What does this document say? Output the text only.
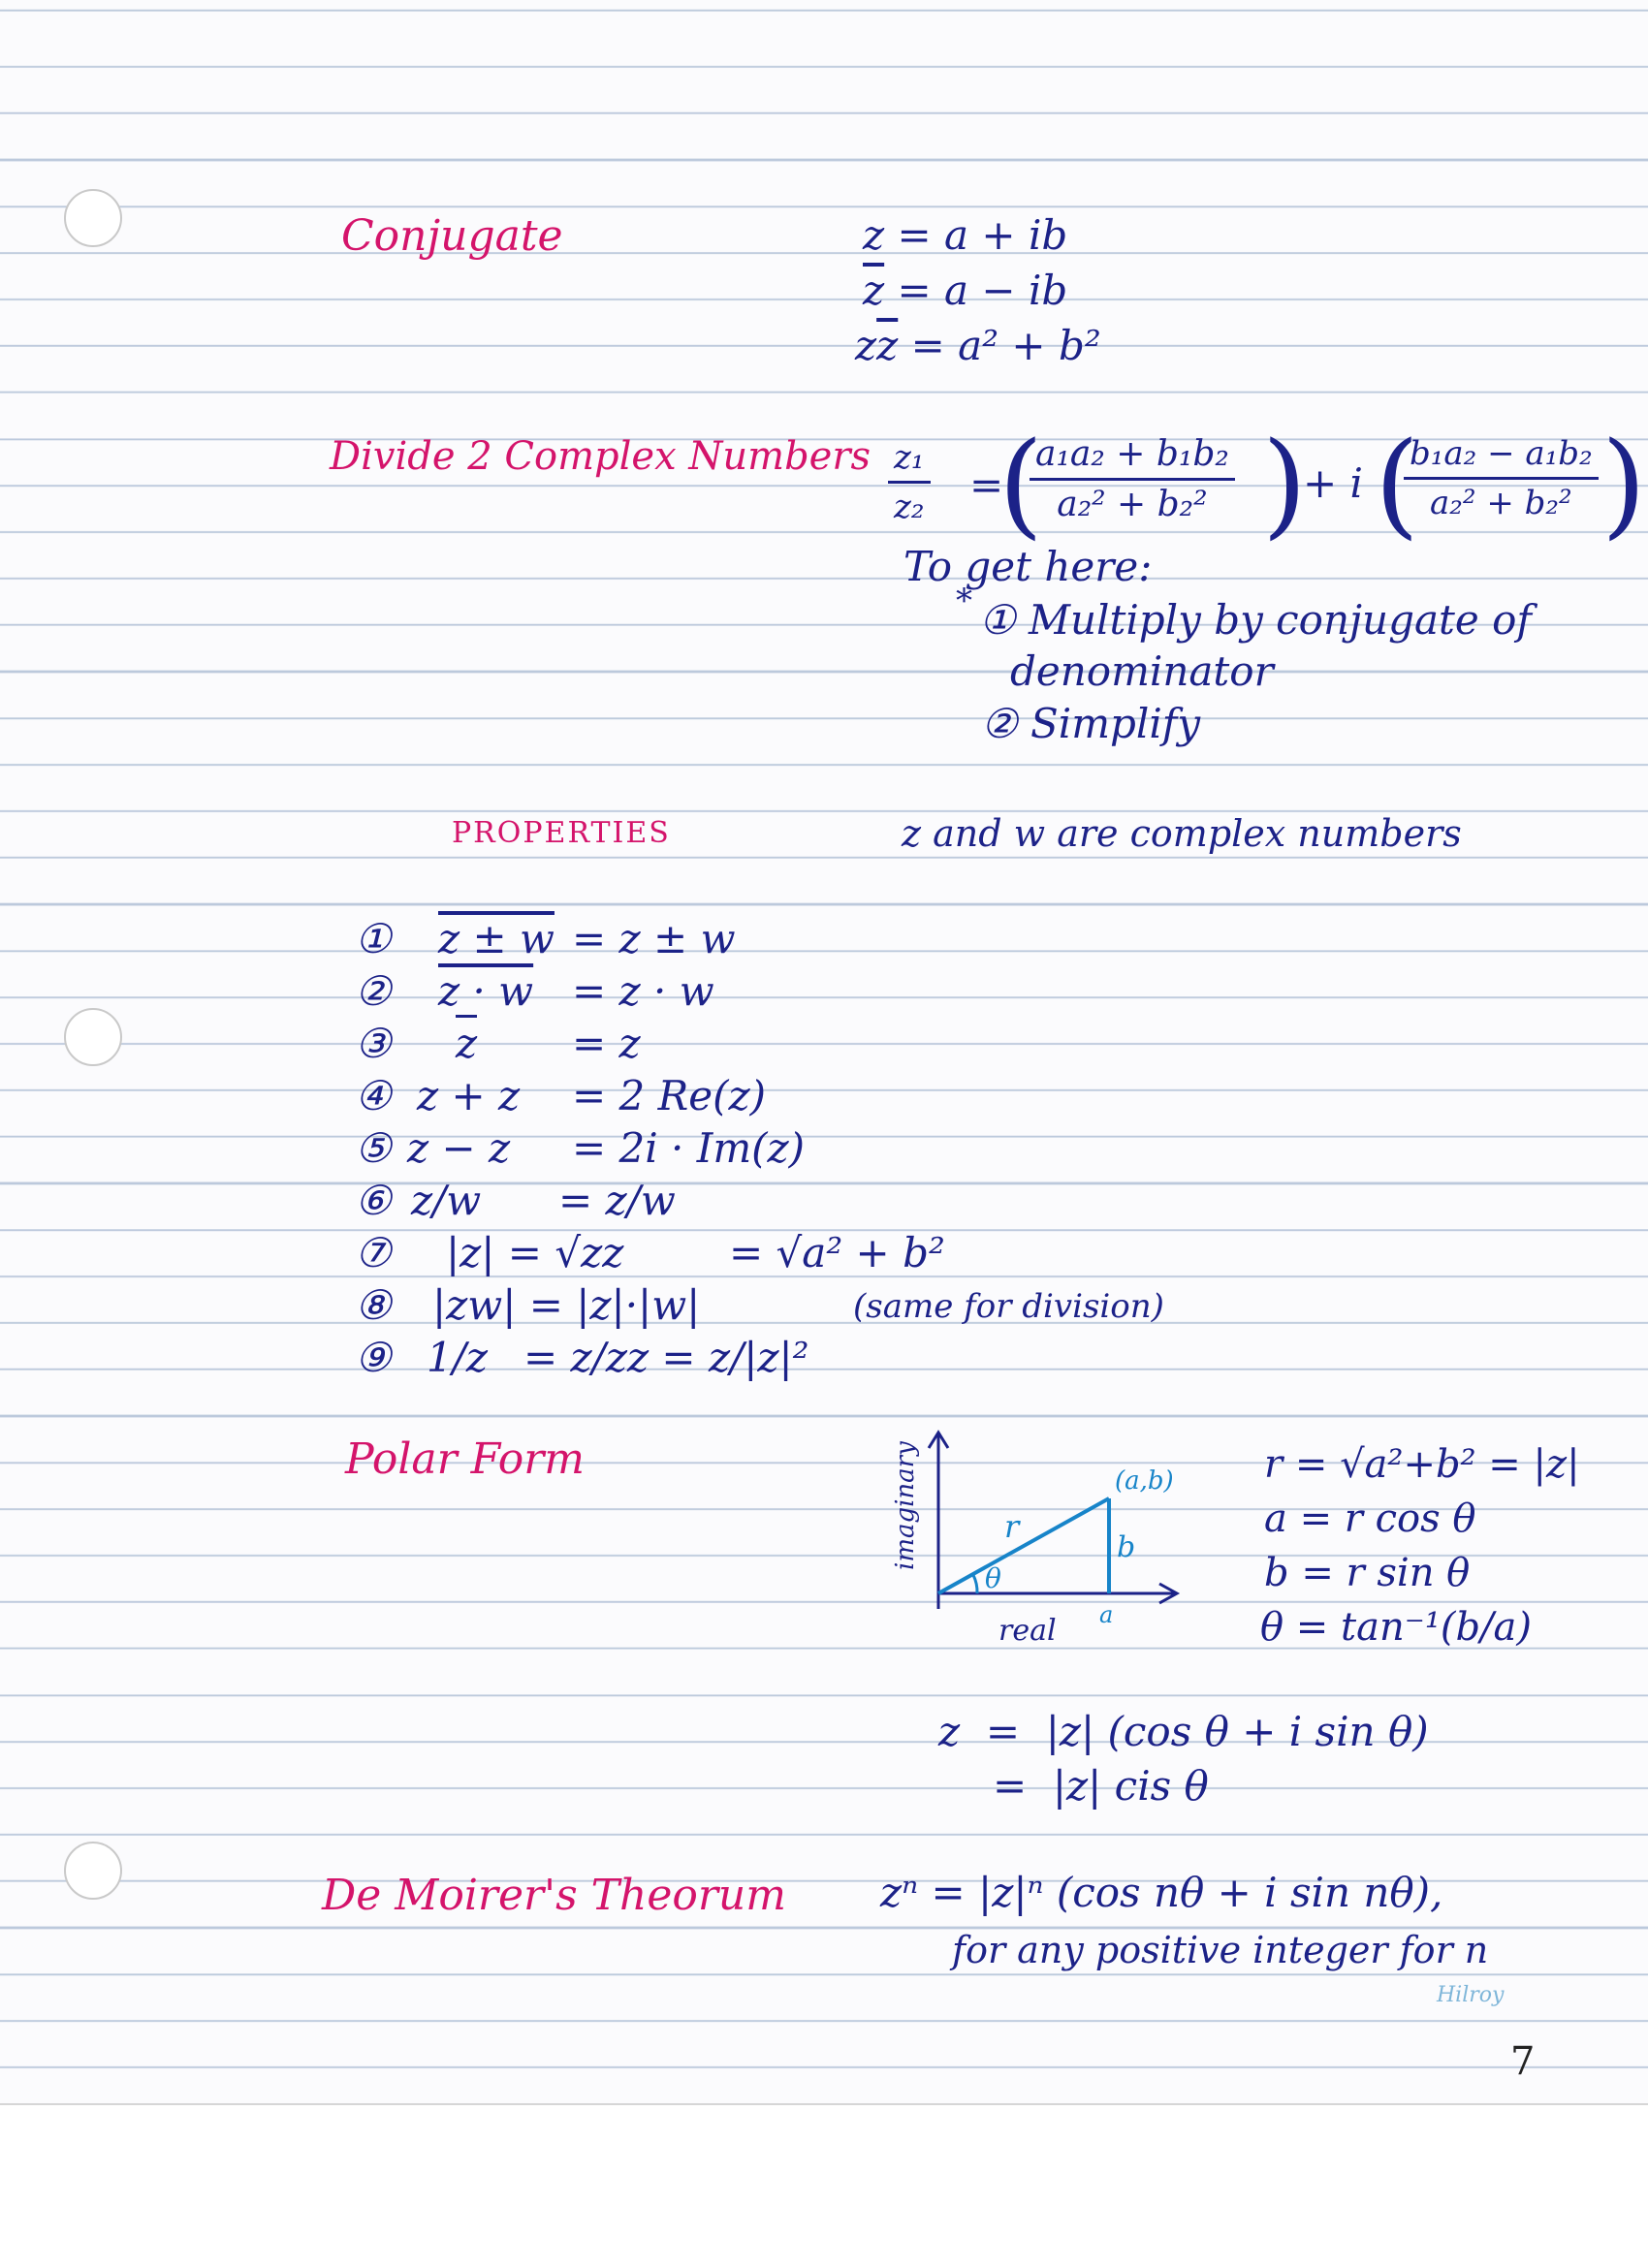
Conjugate	z = a + ib
$\overline{z} = a$ − ib
$z\overline{z} = a^2 + b^2$
Divide 2 Complex Numbers $\frac{\text{z₁}}{\text{z₂}}$ =
(
$\frac{\text{a₁a₂ + b₁b₂}}{\text{a₂² + b₂²}}$ )
+ i (
$\frac{\text{b₁a₂ − a₁b₂}}{\text{a₂² + b₂²}}$ )
To get here:
* ① Multiply by conjugate of
denominator
② Simplify
PROPERTIES	z and w are complex numbers
① z ± w = z ± w
② z · w = z · w
③ z = z
④ z + z = 2 Re(z)
⑤ z − z = 2i · Im(z)
⑥ z/w = z/w
⑦ |z| = √zz	= √a² + b²
⑧ |zw| = |z|·|w|	(same for division)
⑨ 1/z = z/zz = z/|z|²
Polar Form	imaginary
real
(a,b)
r
θ
b
a
r = √a²+b² = |z|
a = r cos θ
b = r sin θ
θ = tan⁻¹(b/a)
z  =  |z| (cos θ + i sin θ)
=  |z| cis θ
De Moirer's Theorum zⁿ = |z|ⁿ (cos nθ + i sin nθ),
for any positive integer for n
Hilroy
7
